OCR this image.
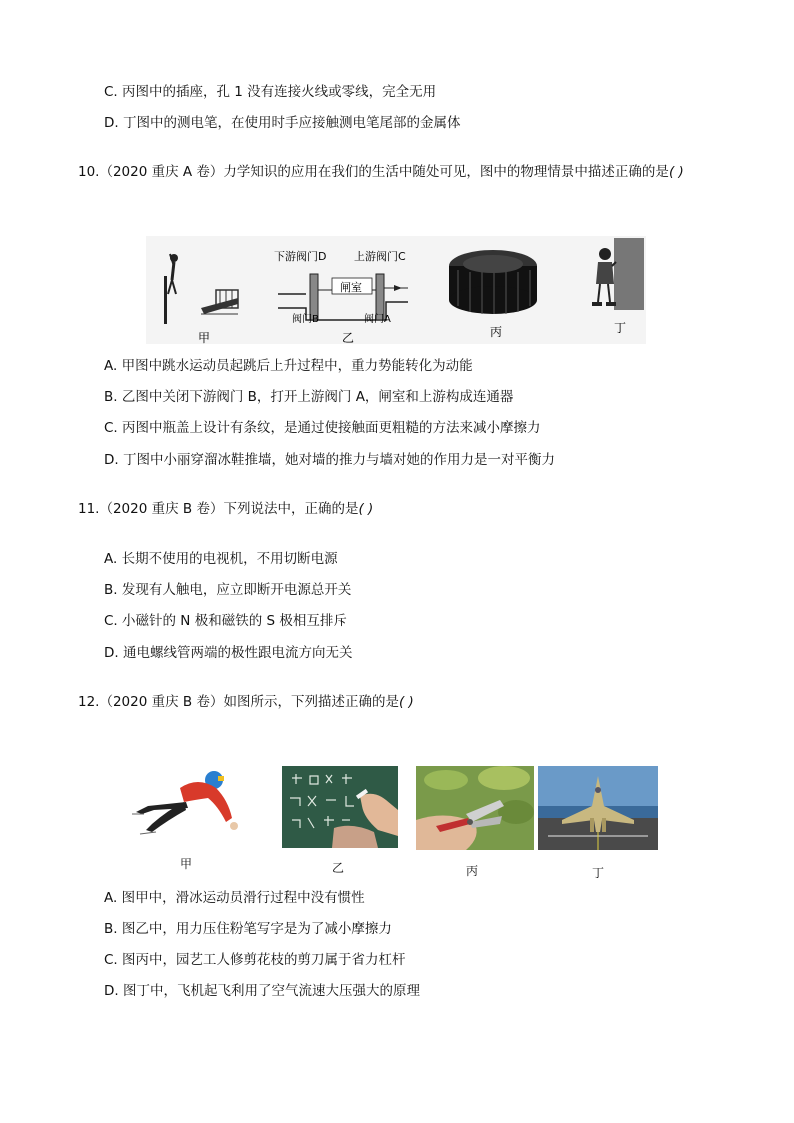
C. 丙图中的插座，孔 1 没有连接火线或零线，完全无用
D. 丁图中的测电笔，在使用时手应接触测电笔尾部的金属体
10.（2020 重庆 A 卷）力学知识的应用在我们的生活中随处可见，图中的物理情景中描述正确的是( )
甲
下游阀门D	上游阀门C
闸室
阀门B	阀门A
乙	丙	丁
A. 甲图中跳水运动员起跳后上升过程中，重力势能转化为动能
B. 乙图中关闭下游阀门 B，打开上游阀门 A，闸室和上游构成连通器
C. 丙图中瓶盖上设计有条纹，是通过使接触面更粗糙的方法来减小摩擦力
D. 丁图中小丽穿溜冰鞋推墙，她对墙的推力与墙对她的作用力是一对平衡力
11.（2020 重庆 B 卷）下列说法中，正确的是( )
A. 长期不使用的电视机，不用切断电源
B. 发现有人触电，应立即断开电源总开关
C. 小磁针的 N 极和磁铁的 S 极相互排斥
D. 通电螺线管两端的极性跟电流方向无关
12.（2020 重庆 B 卷）如图所示，下列描述正确的是( )
甲	乙	丙	丁
A. 图甲中，滑冰运动员滑行过程中没有惯性
B. 图乙中，用力压住粉笔写字是为了减小摩擦力
C. 图丙中，园艺工人修剪花枝的剪刀属于省力杠杆
D. 图丁中，飞机起飞利用了空气流速大压强大的原理
